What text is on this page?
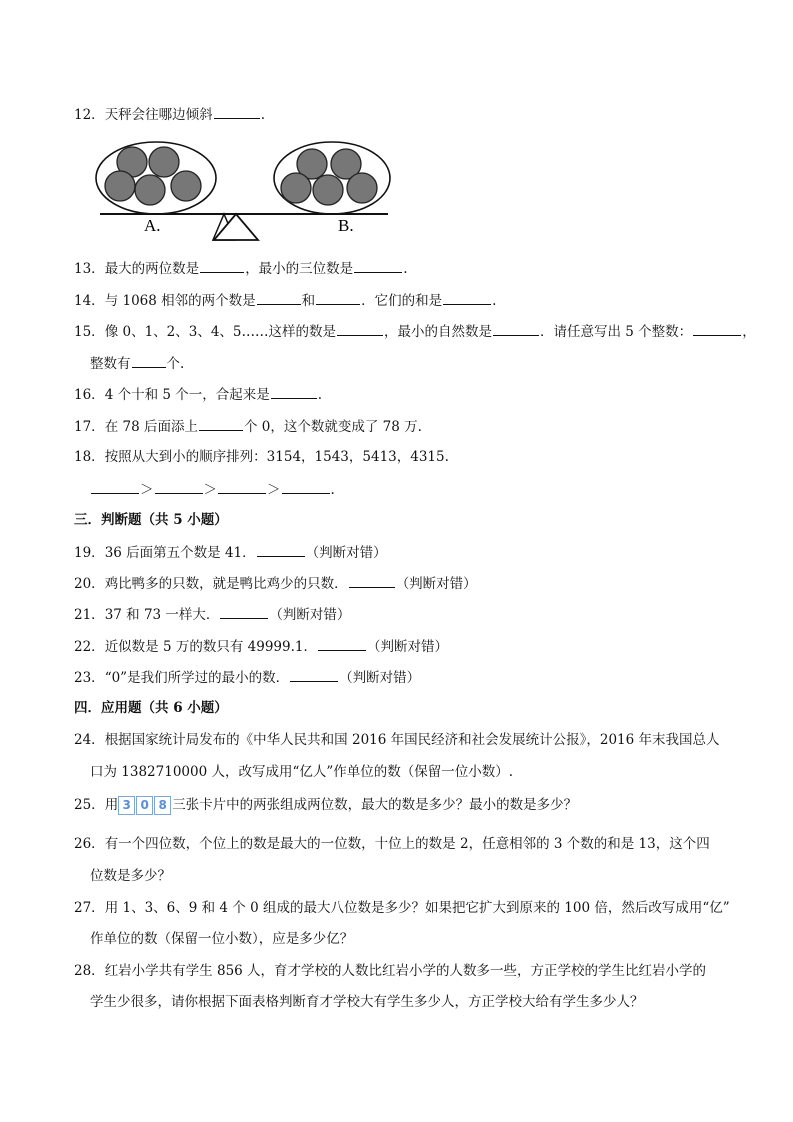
12．天秤会往哪边倾斜	.
A.	B.
13．最大的两位数是	，最小的三位数是	.
14．与 1068 相邻的两个数是	和	．它们的和是	.
15．像 0、1、2、3、4、5……这样的数是	，最小的自然数是	．请任意写出 5 个整数：	，
整数有	个.
16．4 个十和 5 个一，合起来是	.
17．在 78 后面添上	个 0，这个数就变成了 78 万.
18．按照从大到小的顺序排列：3154，1543，5413，4315.
＞	＞	＞	.
三．判断题（共 5 小题）
19．36 后面第五个数是 41．	（判断对错）
20．鸡比鸭多的只数，就是鸭比鸡少的只数．	（判断对错）
21．37 和 73 一样大．	（判断对错）
22．近似数是 5 万的数只有 49999.1．	（判断对错）
23．“0”是我们所学过的最小的数．	（判断对错）
四．应用题（共 6 小题）
24．根据国家统计局发布的《中华人民共和国 2016 年国民经济和社会发展统计公报》，2016 年末我国总人
口为 1382710000 人，改写成用“亿人”作单位的数（保留一位小数）.
25．用 3 0 8 三张卡片中的两张组成两位数，最大的数是多少？最小的数是多少？
26．有一个四位数，个位上的数是最大的一位数，十位上的数是 2，任意相邻的 3 个数的和是 13，这个四
位数是多少？
27．用 1、3、6、9 和 4 个 0 组成的最大八位数是多少？如果把它扩大到原来的 100 倍，然后改写成用“亿”
作单位的数（保留一位小数），应是多少亿？
28．红岩小学共有学生 856 人，育才学校的人数比红岩小学的人数多一些，方正学校的学生比红岩小学的
学生少很多，请你根据下面表格判断育才学校大有学生多少人，方正学校大给有学生多少人？
